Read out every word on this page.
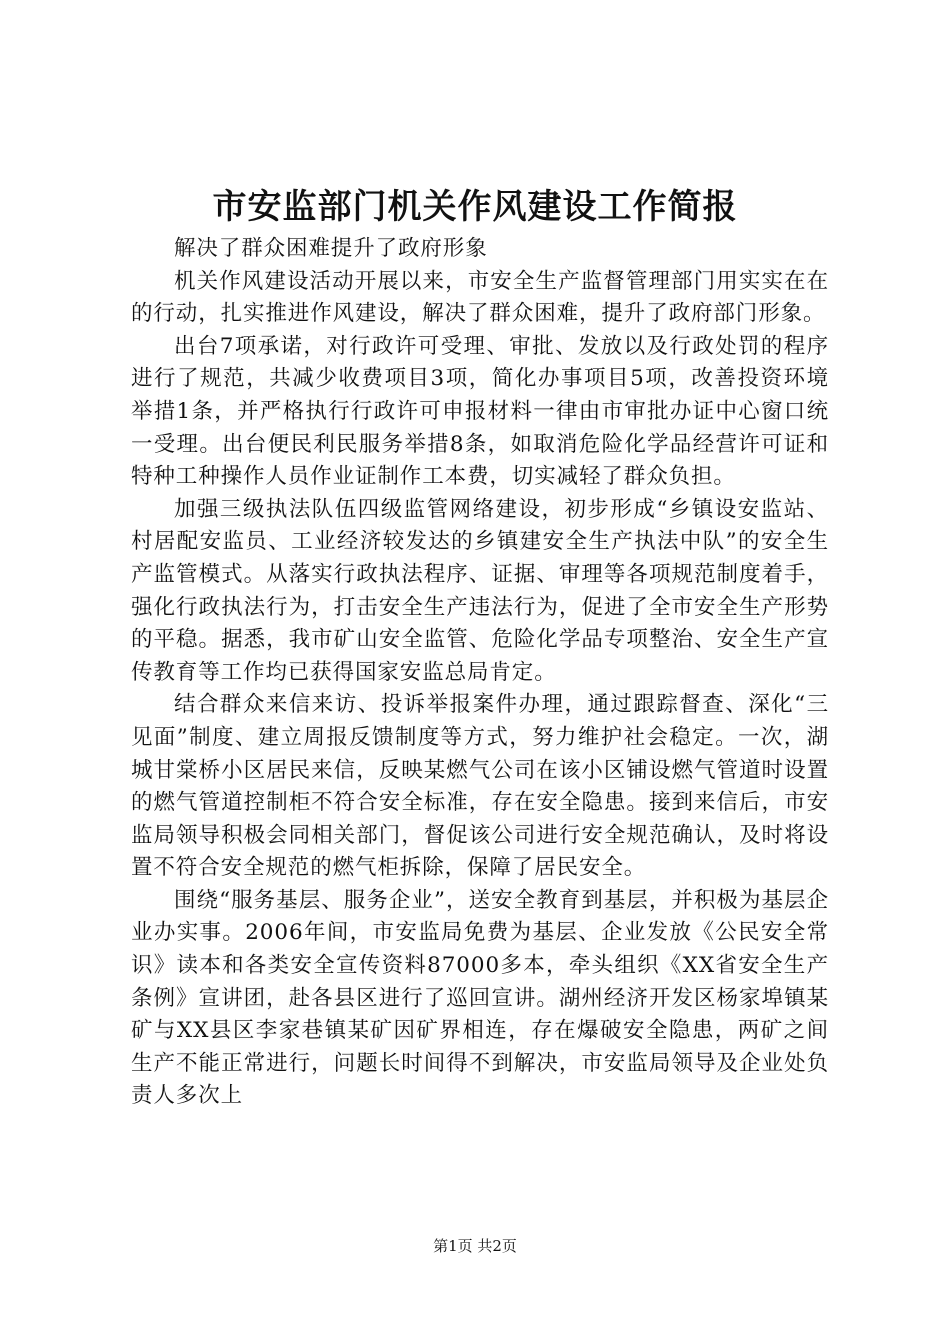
市安监部门机关作风建设工作简报

解决了群众困难提升了政府形象

机关作风建设活动开展以来，市安全生产监督管理部门用实实在在的行动，扎实推进作风建设，解决了群众困难，提升了政府部门形象。

出台7项承诺，对行政许可受理、审批、发放以及行政处罚的程序进行了规范，共减少收费项目3项，简化办事项目5项，改善投资环境举措1条，并严格执行行政许可申报材料一律由市审批办证中心窗口统一受理。出台便民利民服务举措8条，如取消危险化学品经营许可证和特种工种操作人员作业证制作工本费，切实减轻了群众负担。

加强三级执法队伍四级监管网络建设，初步形成“乡镇设安监站、村居配安监员、工业经济较发达的乡镇建安全生产执法中队”的安全生产监管模式。从落实行政执法程序、证据、审理等各项规范制度着手，强化行政执法行为，打击安全生产违法行为，促进了全市安全生产形势的平稳。据悉，我市矿山安全监管、危险化学品专项整治、安全生产宣传教育等工作均已获得国家安监总局肯定。

结合群众来信来访、投诉举报案件办理，通过跟踪督查、深化“三见面”制度、建立周报反馈制度等方式，努力维护社会稳定。一次，湖城甘棠桥小区居民来信，反映某燃气公司在该小区铺设燃气管道时设置的燃气管道控制柜不符合安全标准，存在安全隐患。接到来信后，市安监局领导积极会同相关部门，督促该公司进行安全规范确认，及时将设置不符合安全规范的燃气柜拆除，保障了居民安全。

围绕“服务基层、服务企业”，送安全教育到基层，并积极为基层企业办实事。2006年间，市安监局免费为基层、企业发放《公民安全常识》读本和各类安全宣传资料87000多本，牵头组织《XX省安全生产条例》宣讲团，赴各县区进行了巡回宣讲。湖州经济开发区杨家埠镇某矿与XX县区李家巷镇某矿因矿界相连，存在爆破安全隐患，两矿之间生产不能正常进行，问题长时间得不到解决，市安监局领导及企业处负责人多次上

第1页 共2页
